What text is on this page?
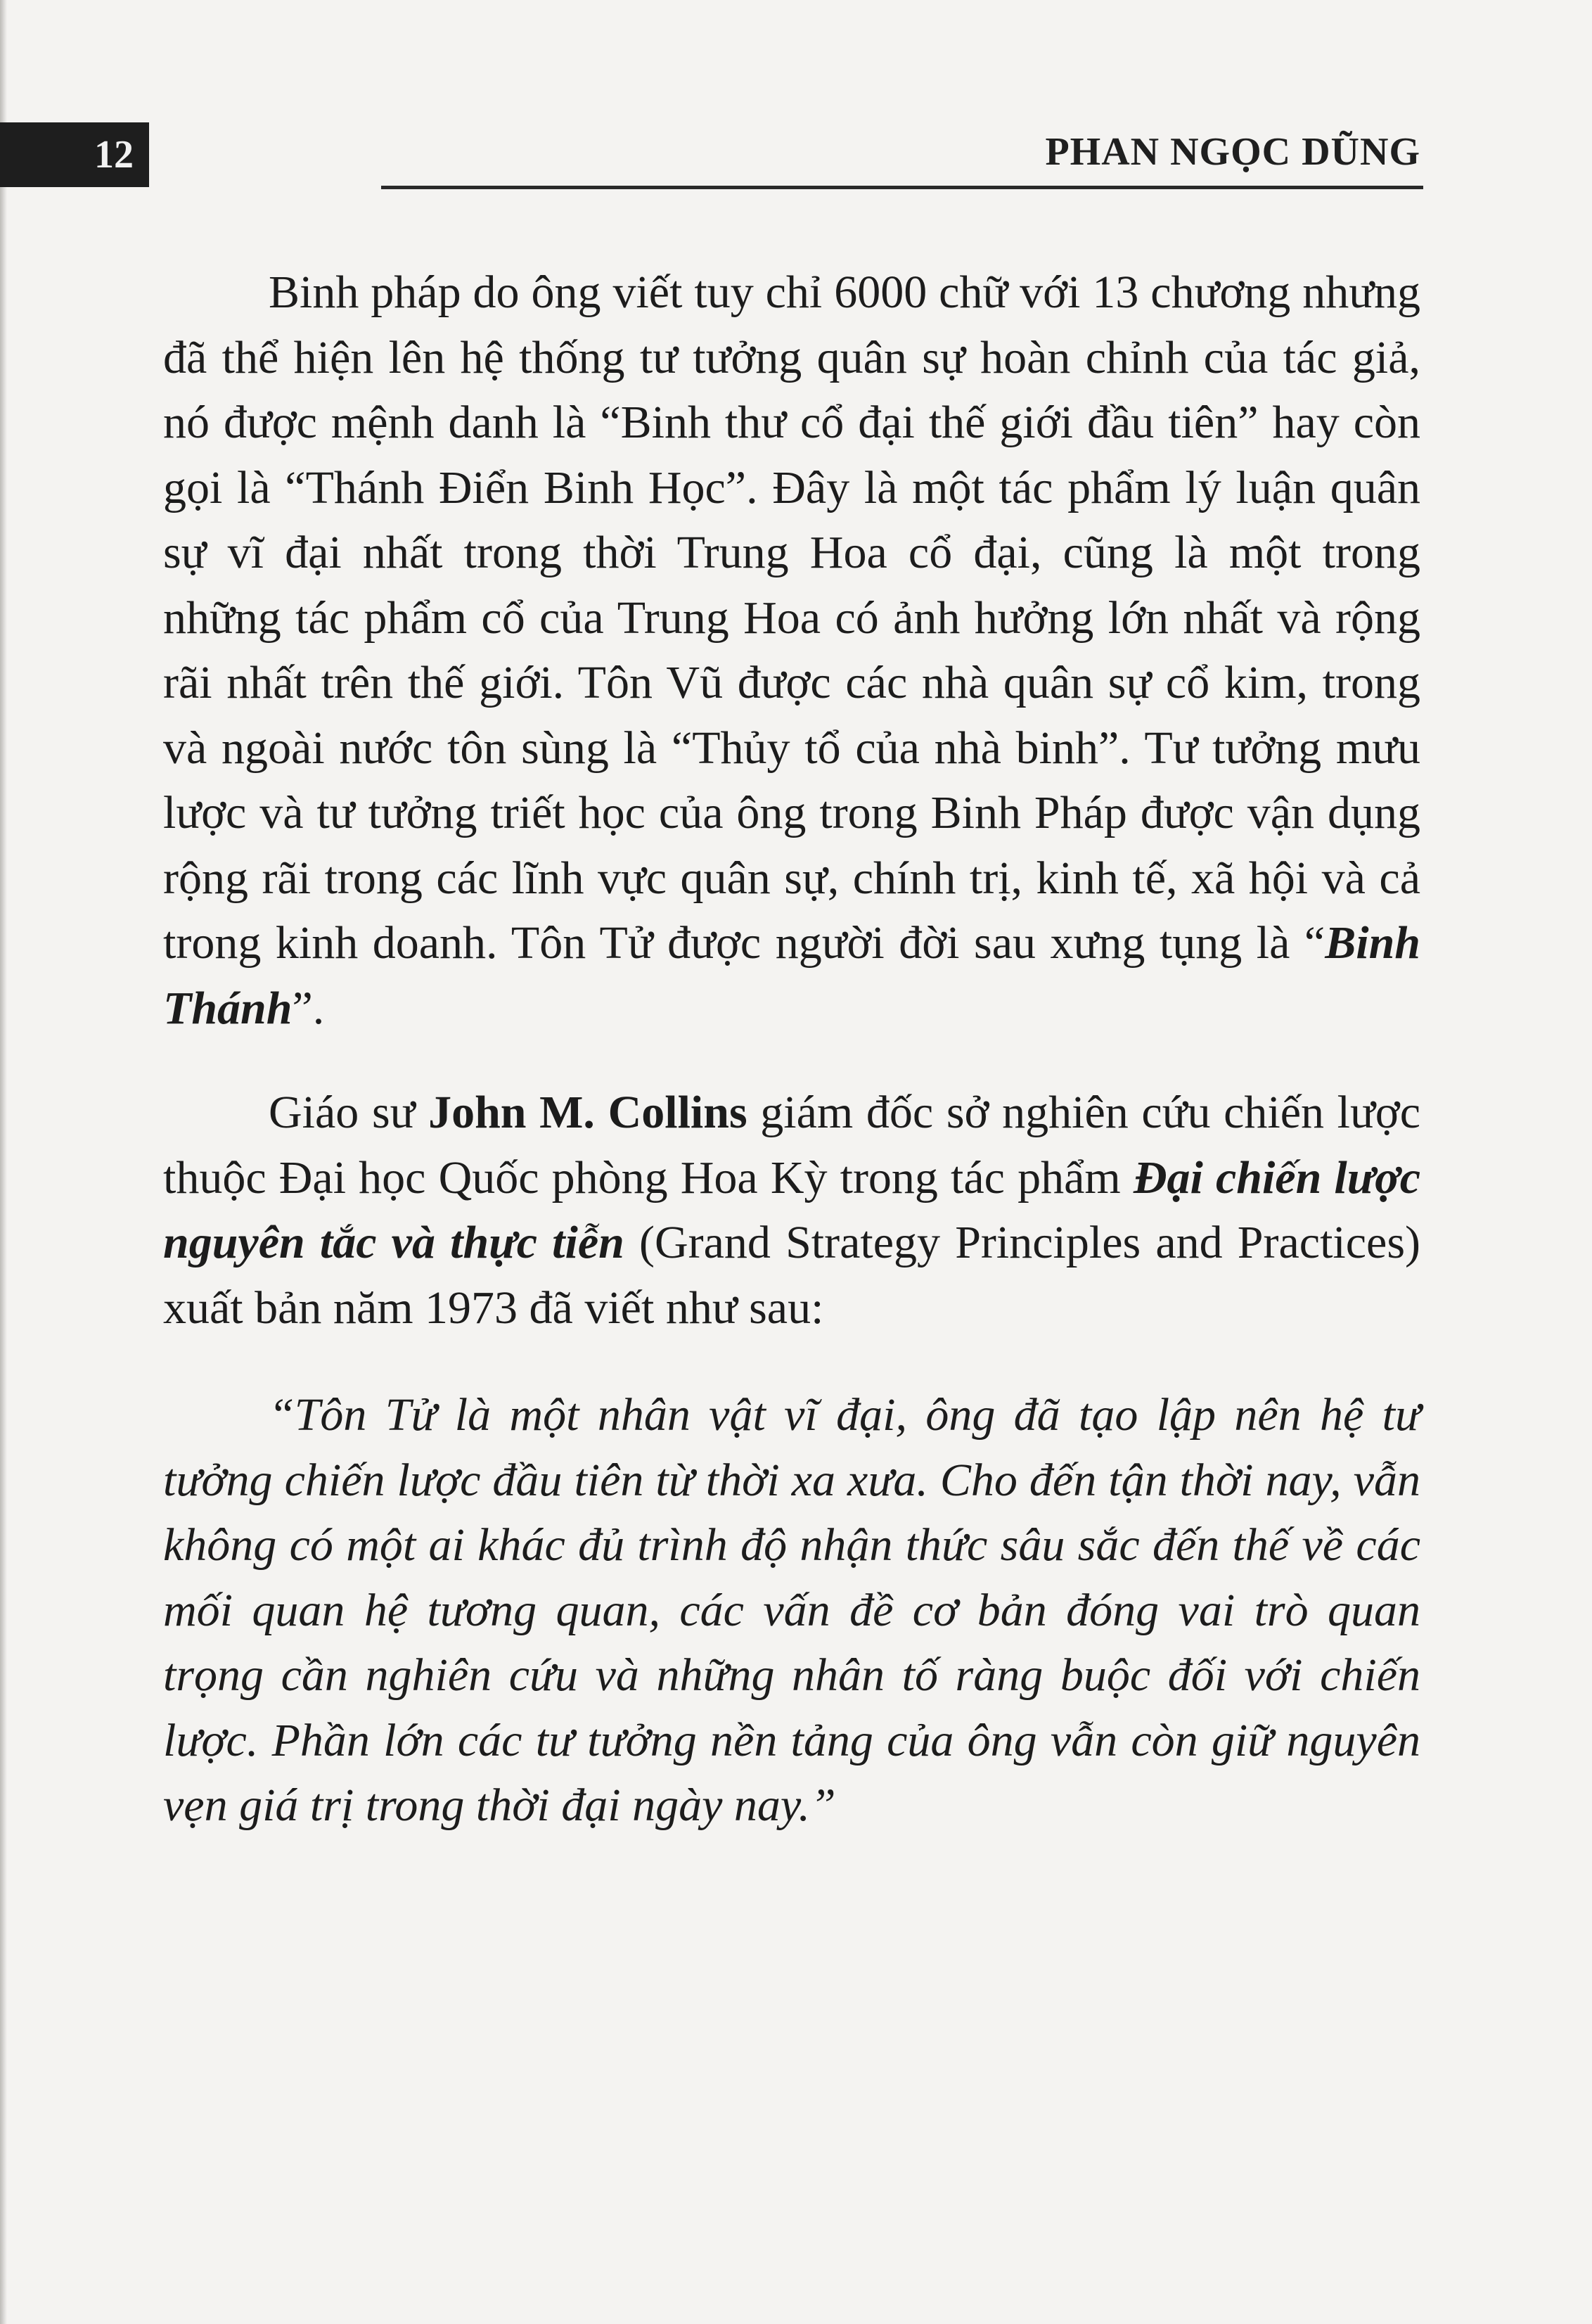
12	PHAN NGỌC DŨNG

Binh pháp do ông viết tuy chỉ 6000 chữ với 13 chương nhưng đã thể hiện lên hệ thống tư tưởng quân sự hoàn chỉnh của tác giả, nó được mệnh danh là “Binh thư cổ đại thế giới đầu tiên” hay còn gọi là “Thánh Điển Binh Học”. Đây là một tác phẩm lý luận quân sự vĩ đại nhất trong thời Trung Hoa cổ đại, cũng là một trong những tác phẩm cổ của Trung Hoa có ảnh hưởng lớn nhất và rộng rãi nhất trên thế giới. Tôn Vũ được các nhà quân sự cổ kim, trong và ngoài nước tôn sùng là “Thủy tổ của nhà binh”. Tư tưởng mưu lược và tư tưởng triết học của ông trong Binh Pháp được vận dụng rộng rãi trong các lĩnh vực quân sự, chính trị, kinh tế, xã hội và cả trong kinh doanh. Tôn Tử được người đời sau xưng tụng là “Binh Thánh”.

Giáo sư John M. Collins giám đốc sở nghiên cứu chiến lược thuộc Đại học Quốc phòng Hoa Kỳ trong tác phẩm Đại chiến lược nguyên tắc và thực tiễn (Grand Strategy Principles and Practices) xuất bản năm 1973 đã viết như sau:

“Tôn Tử là một nhân vật vĩ đại, ông đã tạo lập nên hệ tư tưởng chiến lược đầu tiên từ thời xa xưa. Cho đến tận thời nay, vẫn không có một ai khác đủ trình độ nhận thức sâu sắc đến thế về các mối quan hệ tương quan, các vấn đề cơ bản đóng vai trò quan trọng cần nghiên cứu và những nhân tố ràng buộc đối với chiến lược. Phần lớn các tư tưởng nền tảng của ông vẫn còn giữ nguyên vẹn giá trị trong thời đại ngày nay.”
